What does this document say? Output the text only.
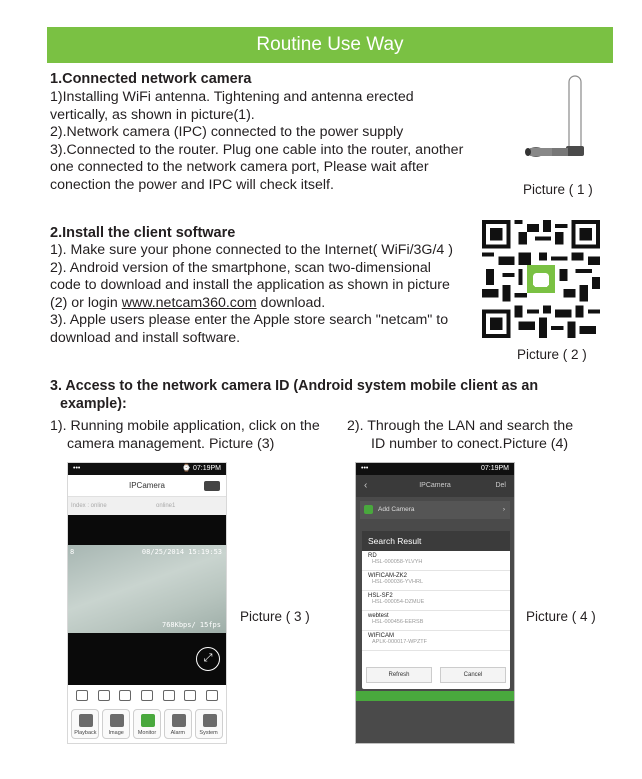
Routine Use Way
1.Connected network camera

1)Installing WiFi antenna. Tightening and antenna erected

vertically, as shown in picture(1).

2).Network camera (IPC) connected to the power supply

3).Connected to the router. Plug one cable into the router, another

one connected to the network camera port, Please wait after

conection the power and IPC will check itself.	Picture ( 1 )
2.Install the client software

1). Make sure your phone connected to the Internet( WiFi/3G/4 )

2). Android version of the smartphone, scan two-dimensional

code to download and install the application as shown in picture

(2) or login www.netcam360.com download.

3). Apple users please enter the Apple store search "netcam" to

download and install software.

Picture ( 2 )
3. Access to the network camera ID (Android system mobile client as an
example):

1). Running mobile application, click on the

camera management. Picture (3)

2). Through the LAN and search the

ID number to conect.Picture (4)

•••	⌚ 07:19PM
IPCamera
Index : online	online1
8	08/25/2014 15:19:53
768Kbps/ 15fps
⤢
Playback	Image	Monitor	Alarm	System
Picture ( 3 )
•••	07:19PM
‹	IPCamera	Del
Add Camera	›
Search Result
RD
HSL-000058-YLVYH
WIFICAM-ZK2
HSL-000036-YVHRL
HSL-SF2
HSL-000054-DZMUE
webtest
HSL-000456-EERSB
WIFICAM
APLK-000017-WPZTF
Refresh	Cancel
Picture ( 4 )
